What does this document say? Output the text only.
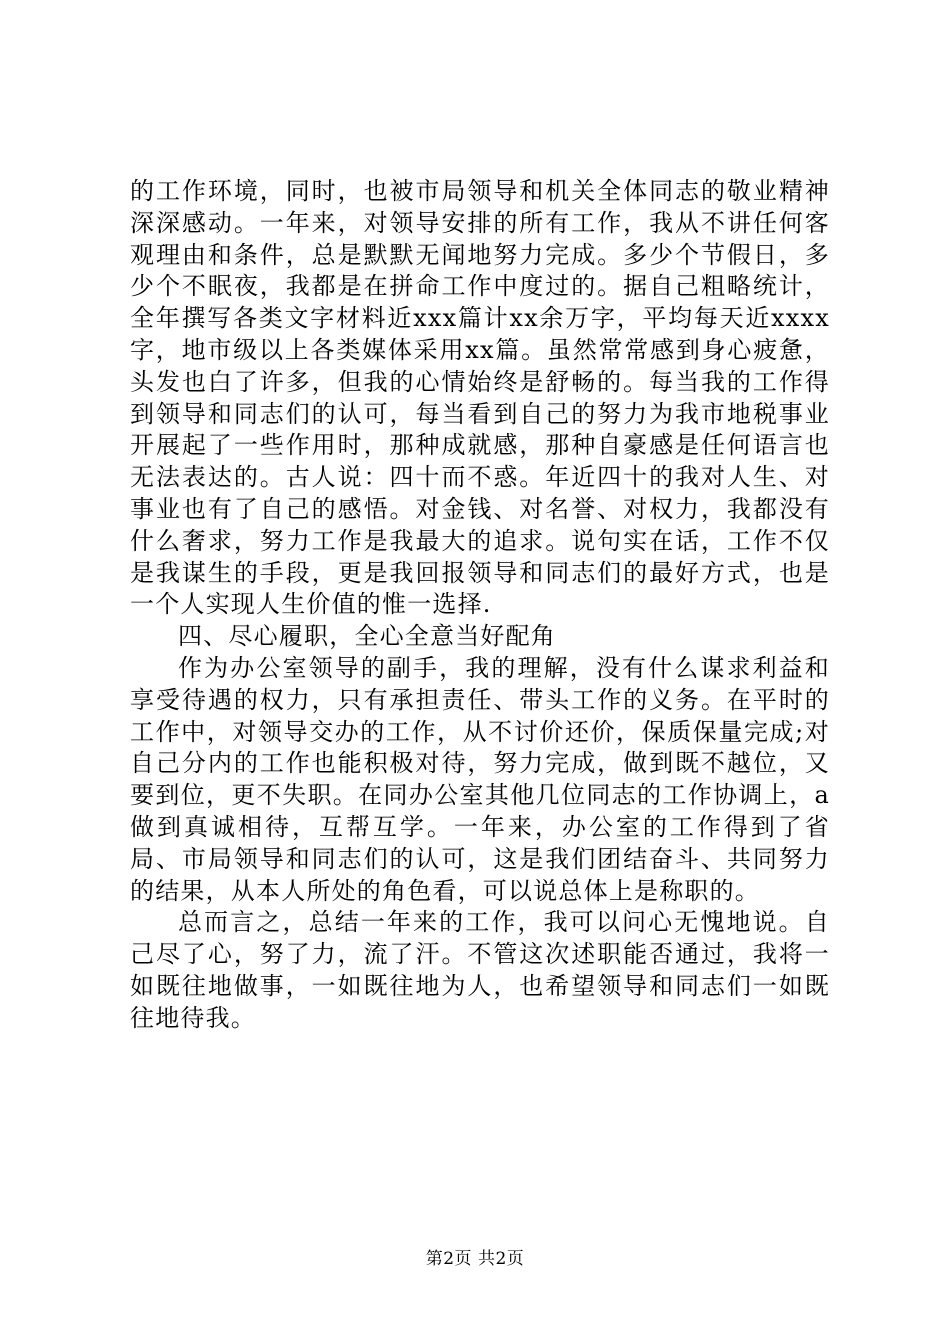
的工作环境，同时，也被市局领导和机关全体同志的敬业精神深深感动。一年来，对领导安排的所有工作，我从不讲任何客观理由和条件，总是默默无闻地努力完成。多少个节假日，多少个不眠夜，我都是在拼命工作中度过的。据自己粗略统计，全年撰写各类文字材料近xxx篇计xx余万字，平均每天近xxxx字，地市级以上各类媒体采用xx篇。虽然常常感到身心疲惫，头发也白了许多，但我的心情始终是舒畅的。每当我的工作得到领导和同志们的认可，每当看到自己的努力为我市地税事业开展起了一些作用时，那种成就感，那种自豪感是任何语言也无法表达的。古人说：四十而不惑。年近四十的我对人生、对事业也有了自己的感悟。对金钱、对名誉、对权力，我都没有什么奢求，努力工作是我最大的追求。说句实在话，工作不仅是我谋生的手段，更是我回报领导和同志们的最好方式，也是一个人实现人生价值的惟一选择.

四、尽心履职，全心全意当好配角

作为办公室领导的副手，我的理解，没有什么谋求利益和享受待遇的权力，只有承担责任、带头工作的义务。在平时的工作中，对领导交办的工作，从不讨价还价，保质保量完成;对自己分内的工作也能积极对待，努力完成，做到既不越位，又要到位，更不失职。在同办公室其他几位同志的工作协调上，a做到真诚相待，互帮互学。一年来，办公室的工作得到了省局、市局领导和同志们的认可，这是我们团结奋斗、共同努力的结果，从本人所处的角色看，可以说总体上是称职的。

总而言之，总结一年来的工作，我可以问心无愧地说。自己尽了心，努了力，流了汗。不管这次述职能否通过，我将一如既往地做事，一如既往地为人，也希望领导和同志们一如既往地待我。

第2页 共2页
